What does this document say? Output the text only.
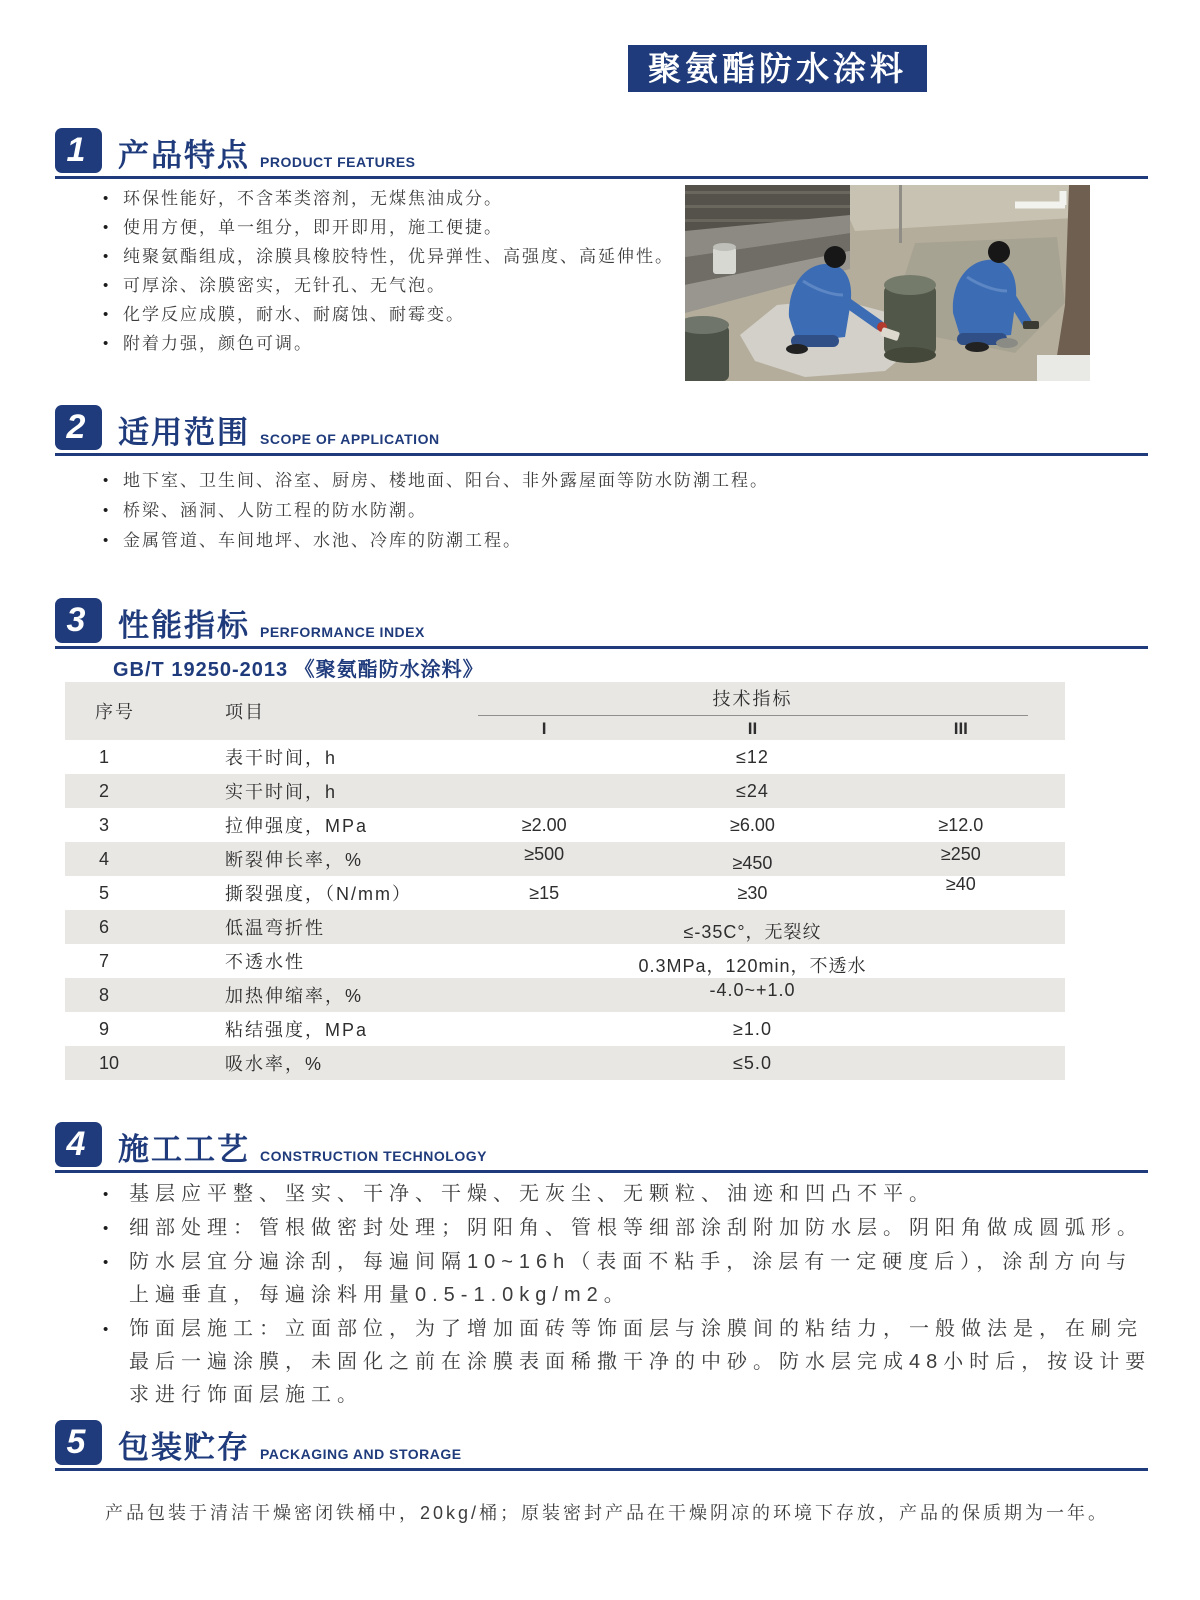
聚氨酯防水涂料
1	产品特点 PRODUCT FEATURES
• 环保性能好，不含苯类溶剂，无煤焦油成分。
• 使用方便，单一组分，即开即用，施工便捷。
• 纯聚氨酯组成，涂膜具橡胶特性，优异弹性、高强度、高延伸性。
• 可厚涂、涂膜密实，无针孔、无气泡。
• 化学反应成膜，耐水、耐腐蚀、耐霉变。
• 附着力强，颜色可调。
2	适用范围 SCOPE OF APPLICATION
• 地下室、卫生间、浴室、厨房、楼地面、阳台、非外露屋面等防水防潮工程。
• 桥梁、涵洞、人防工程的防水防潮。
• 金属管道、车间地坪、水池、冷库的防潮工程。
3	性能指标 PERFORMANCE INDEX
GB/T 19250-2013 《聚氨酯防水涂料》
序号	项目
技术指标
I	II	III
1	表干时间，h	≤12
2	实干时间，h	≤24
3	拉伸强度，MPa	≥2.00	≥6.00	≥12.0
4	断裂伸长率，%	≥500	≥450	≥250
5	撕裂强度，（N/mm）	≥15	≥30	≥40
6	低温弯折性	≤-35C°，无裂纹
7	不透水性	0.3MPa，120min，不透水
8	加热伸缩率，%	-4.0~+1.0
9	粘结强度，MPa	≥1.0
10	吸水率，%	≤5.0
4	施工工艺 CONSTRUCTION TECHNOLOGY
•	基层应平整、坚实、干净、干燥、无灰尘、无颗粒、油迹和凹凸不平。
•	细部处理：管根做密封处理；阴阳角、管根等细部涂刮附加防水层。阴阳角做成圆弧形。
•	防水层宜分遍涂刮，每遍间隔10~16h（表面不粘手，涂层有一定硬度后），涂刮方向与上遍垂直，每遍涂料用量0.5-1.0kg/m2。
•	饰面层施工：立面部位，为了增加面砖等饰面层与涂膜间的粘结力，一般做法是，在刷完最后一遍涂膜，未固化之前在涂膜表面稀撒干净的中砂。防水层完成48小时后，按设计要求进行饰面层施工。
5	包装贮存 PACKAGING AND STORAGE
产品包装于清洁干燥密闭铁桶中，20kg/桶；原装密封产品在干燥阴凉的环境下存放，产品的保质期为一年。
